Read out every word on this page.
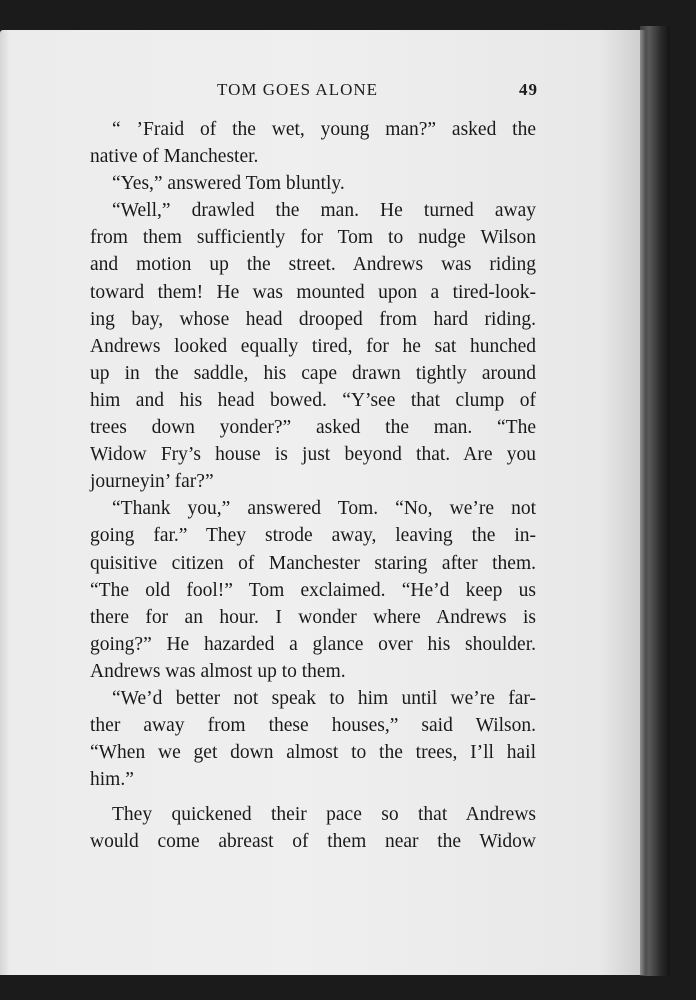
TOM GOES ALONE	49
“ ’Fraid of the wet, young man?” asked the
native of Manchester.
“Yes,” answered Tom bluntly.
“Well,” drawled the man. He turned away
from them sufficiently for Tom to nudge Wilson
and motion up the street. Andrews was riding
toward them! He was mounted upon a tired-look-
ing bay, whose head drooped from hard riding.
Andrews looked equally tired, for he sat hunched
up in the saddle, his cape drawn tightly around
him and his head bowed. “Y’see that clump of
trees down yonder?” asked the man. “The
Widow Fry’s house is just beyond that. Are you
journeyin’ far?”
“Thank you,” answered Tom. “No, we’re not
going far.” They strode away, leaving the in-
quisitive citizen of Manchester staring after them.
“The old fool!” Tom exclaimed. “He’d keep us
there for an hour. I wonder where Andrews is
going?” He hazarded a glance over his shoulder.
Andrews was almost up to them.
“We’d better not speak to him until we’re far-
ther away from these houses,” said Wilson.
“When we get down almost to the trees, I’ll hail
him.”
They quickened their pace so that Andrews
would come abreast of them near the Widow
